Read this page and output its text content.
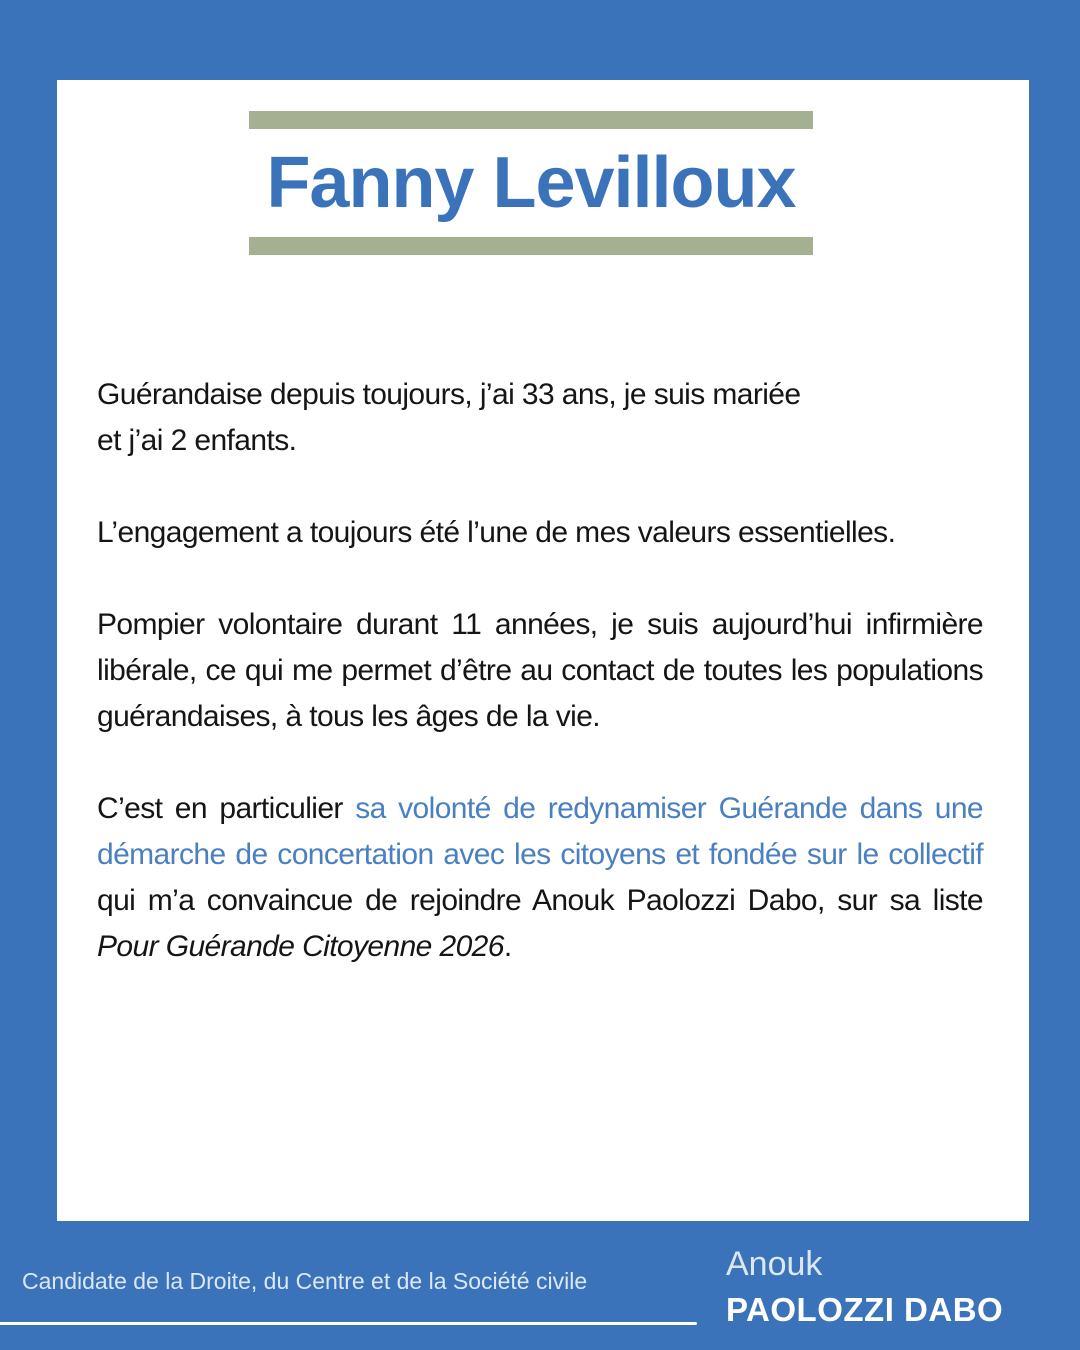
Fanny Levilloux

Guérandaise depuis toujours, j’ai 33 ans, je suis mariée
et j’ai 2 enfants.

L’engagement a toujours été l’une de mes valeurs essentielles.

Pompier volontaire durant 11 années, je suis aujourd’hui infirmière libérale, ce qui me permet d’être au contact de toutes les populations guérandaises, à tous les âges de la vie.

C’est en particulier sa volonté de redynamiser Guérande dans une démarche de concertation avec les citoyens et fondée sur le collectif qui m’a convaincue de rejoindre Anouk Paolozzi Dabo, sur sa liste Pour Guérande Citoyenne 2026.

Candidate de la Droite, du Centre et de la Société civile	Anouk
PAOLOZZI DABO
